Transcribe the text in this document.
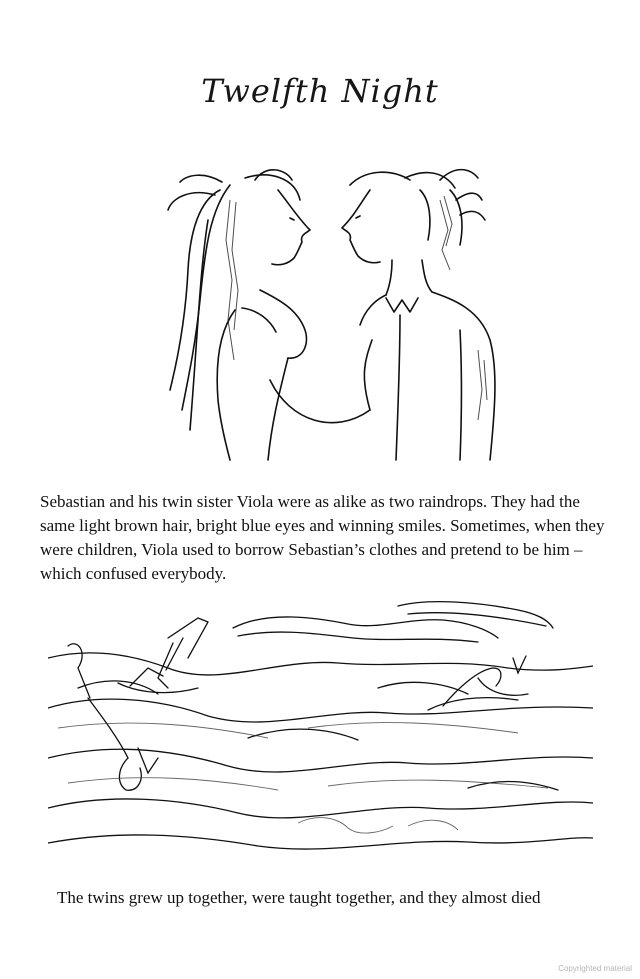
Twelfth Night

Sebastian and his twin sister Viola were as alike as two raindrops. They had the same light brown hair, bright blue eyes and winning smiles. Sometimes, when they were children, Viola used to borrow Sebastian’s clothes and pretend to be him – which confused everybody.

The twins grew up together, were taught together, and they almost died

Copyrighted material
